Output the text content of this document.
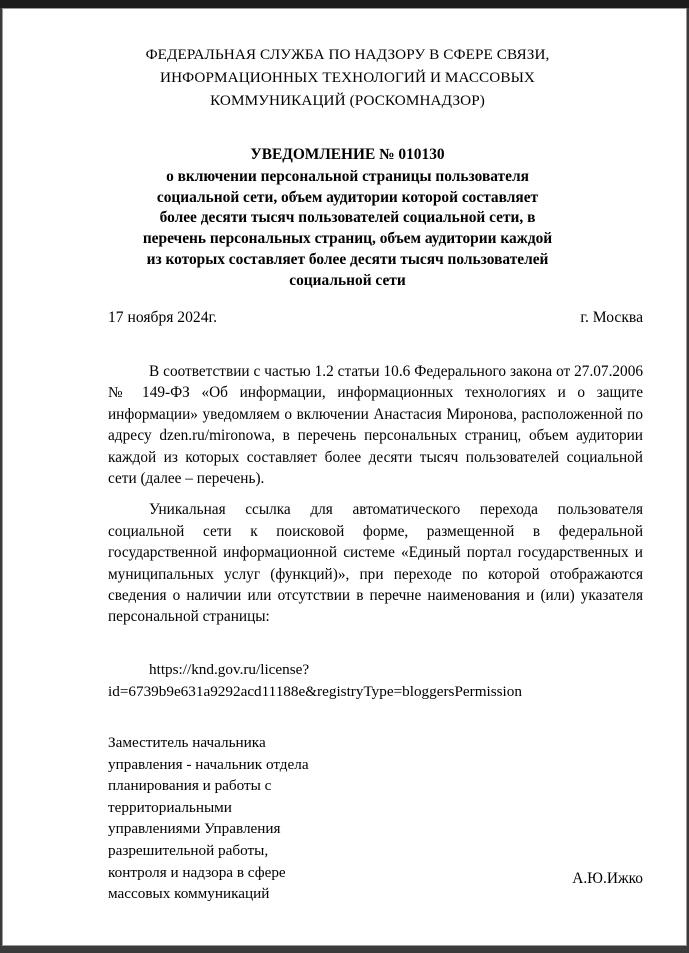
ФЕДЕРАЛЬНАЯ СЛУЖБА ПО НАДЗОРУ В СФЕРЕ СВЯЗИ,
ИНФОРМАЦИОННЫХ ТЕХНОЛОГИЙ И МАССОВЫХ
КОММУНИКАЦИЙ (РОСКОМНАДЗОР)
УВЕДОМЛЕНИЕ № 010130
о включении персональной страницы пользователя
социальной сети, объем аудитории которой составляет
более десяти тысяч пользователей социальной сети, в
перечень персональных страниц, объем аудитории каждой
из которых составляет более десяти тысяч пользователей
социальной сети
17 ноября 2024г.	г. Москва

В соответствии с частью 1.2 статьи 10.6 Федерального закона от 27.07.2006 № 149-ФЗ «Об информации, информационных технологиях и о защите информации» уведомляем о включении Анастасия Миронова, расположенной по адресу dzen.ru/mironowa, в перечень персональных страниц, объем аудитории каждой из которых составляет более десяти тысяч пользователей социальной сети (далее – перечень).

Уникальная ссылка для автоматического перехода пользователя социальной сети к поисковой форме, размещенной в федеральной государственной информационной системе «Единый портал государственных и муниципальных услуг (функций)», при переходе по которой отображаются сведения о наличии или отсутствии в перечне наименования и (или) указателя персональной страницы:

https://knd.gov.ru/license?
id=6739b9e631a9292acd11188e&registryType=bloggersPermission
Заместитель начальника
управления - начальник отдела
планирования и работы с
территориальными
управлениями Управления
разрешительной работы,
контроля и надзора в сфере
массовых коммуникаций
А.Ю.Ижко
